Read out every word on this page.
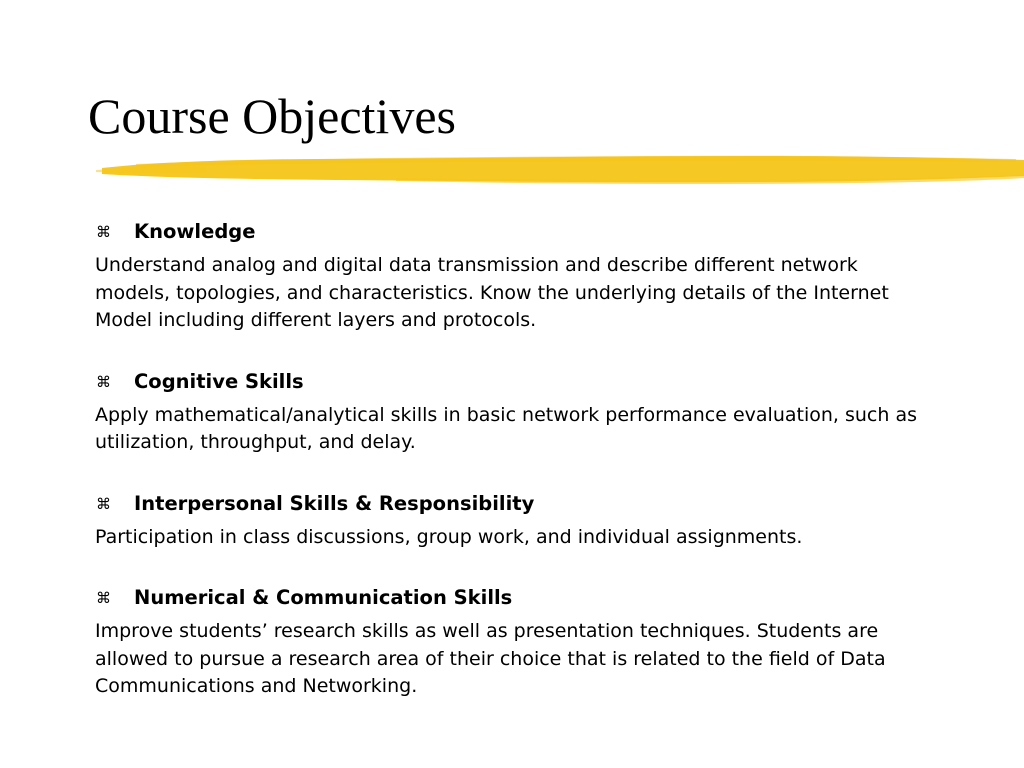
Course Objectives
⌘ Knowledge
Understand analog and digital data transmission and describe different network
models, topologies, and characteristics. Know the underlying details of the Internet
Model including different layers and protocols.
⌘ Cognitive Skills
Apply mathematical/analytical skills in basic network performance evaluation, such as
utilization, throughput, and delay.
⌘ Interpersonal Skills & Responsibility
Participation in class discussions, group work, and individual assignments.
⌘ Numerical & Communication Skills
Improve students’ research skills as well as presentation techniques. Students are
allowed to pursue a research area of their choice that is related to the field of Data
Communications and Networking.
